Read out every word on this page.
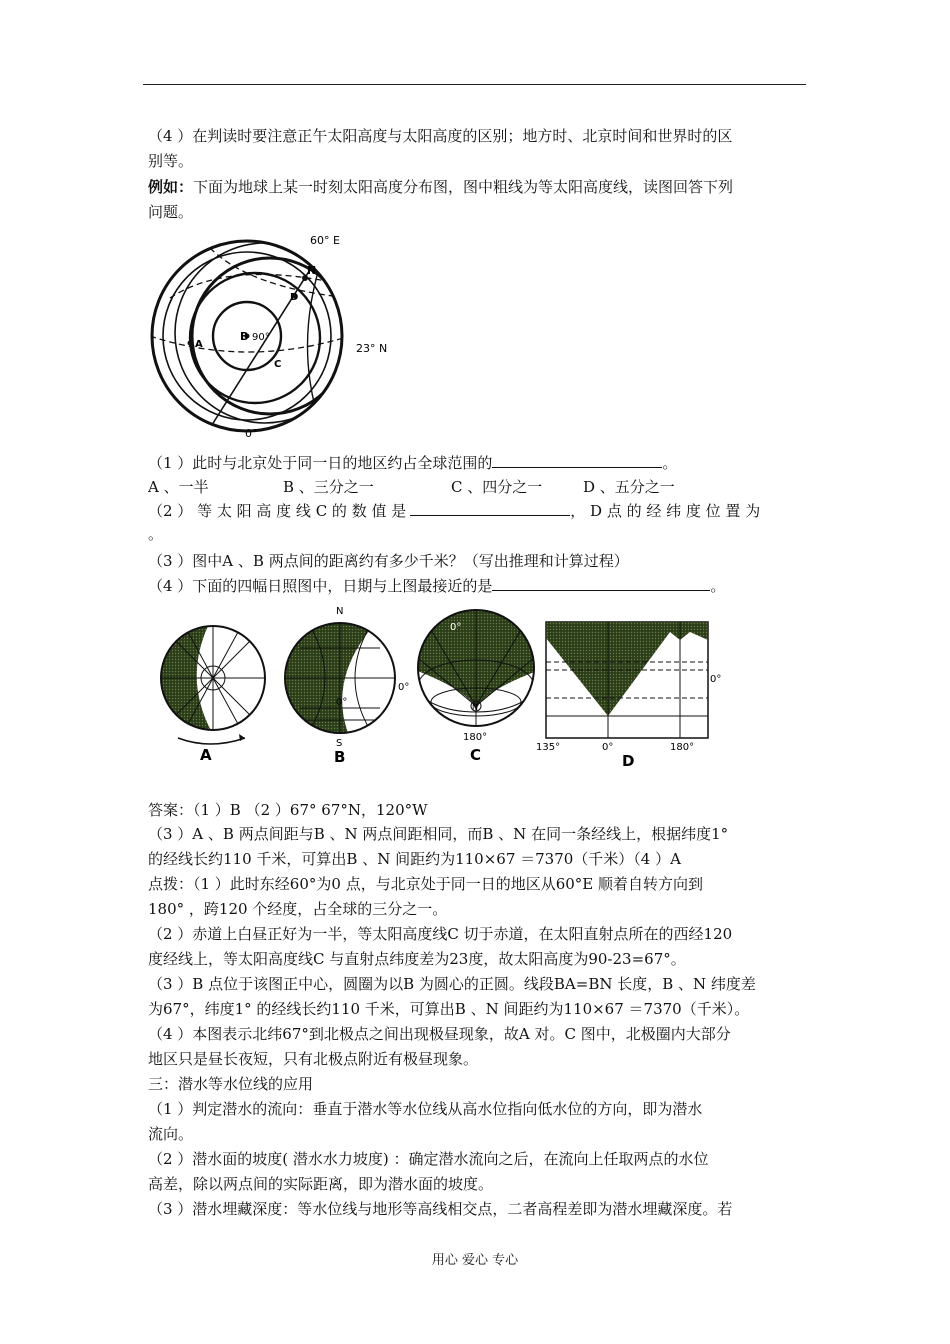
（4 ）在判读时要注意正午太阳高度与太阳高度的区别；地方时、北京时间和世界时的区
别等。
例如：下面为地球上某一时刻太阳高度分布图，图中粗线为等太阳高度线，读图回答下列
问题。
60° E
N
D
23° N
B 90°
A
C
0°
（1 ）此时与北京处于同一日的地区约占全球范围的	。
A 、一半	B 、三分之一	C 、四分之一	D 、五分之一
（2 ） 等 太 阳 高 度 线 C 的 数 值 是	， D 点 的 经 纬 度 位 置 为
。
（3 ）图中A 、B 两点间的距离约有多少千米？（写出推理和计算过程）
（4 ）下面的四幅日照图中，日期与上图最接近的是	。
A
N
S
0°
0°
B
0°
N
180°
C
0°
135°	0°	180°
D
答案：（1 ）B （2 ）67° 67°N，120°W
（3 ）A 、B 两点间距与B 、N 两点间距相同，而B 、N 在同一条经线上，根据纬度1°
的经线长约110 千米，可算出B 、N 间距约为110×67 ＝7370（千米）（4 ）A
点拨：（1 ）此时东经60°为0 点，与北京处于同一日的地区从60°E 顺着自转方向到
180° ，跨120 个经度，占全球的三分之一。
（2 ）赤道上白昼正好为一半，等太阳高度线C 切于赤道，在太阳直射点所在的西经120
度经线上，等太阳高度线C 与直射点纬度差为23度，故太阳高度为90-23=67°。
（3 ）B 点位于该图正中心，圆圈为以B 为圆心的正圆。线段BA=BN 长度，B 、N 纬度差
为67°，纬度1° 的经线长约110 千米，可算出B 、N 间距约为110×67 ＝7370（千米）。
（4 ）本图表示北纬67°到北极点之间出现极昼现象，故A 对。C 图中，北极圈内大部分
地区只是昼长夜短，只有北极点附近有极昼现象。
三：潜水等水位线的应用
（1 ）判定潜水的流向：垂直于潜水等水位线从高水位指向低水位的方向，即为潜水
流向。
（2 ）潜水面的坡度( 潜水水力坡度) ：确定潜水流向之后，在流向上任取两点的水位
高差，除以两点间的实际距离，即为潜水面的坡度。
（3 ）潜水埋藏深度：等水位线与地形等高线相交点，二者高程差即为潜水埋藏深度。若
用心 爱心 专心
